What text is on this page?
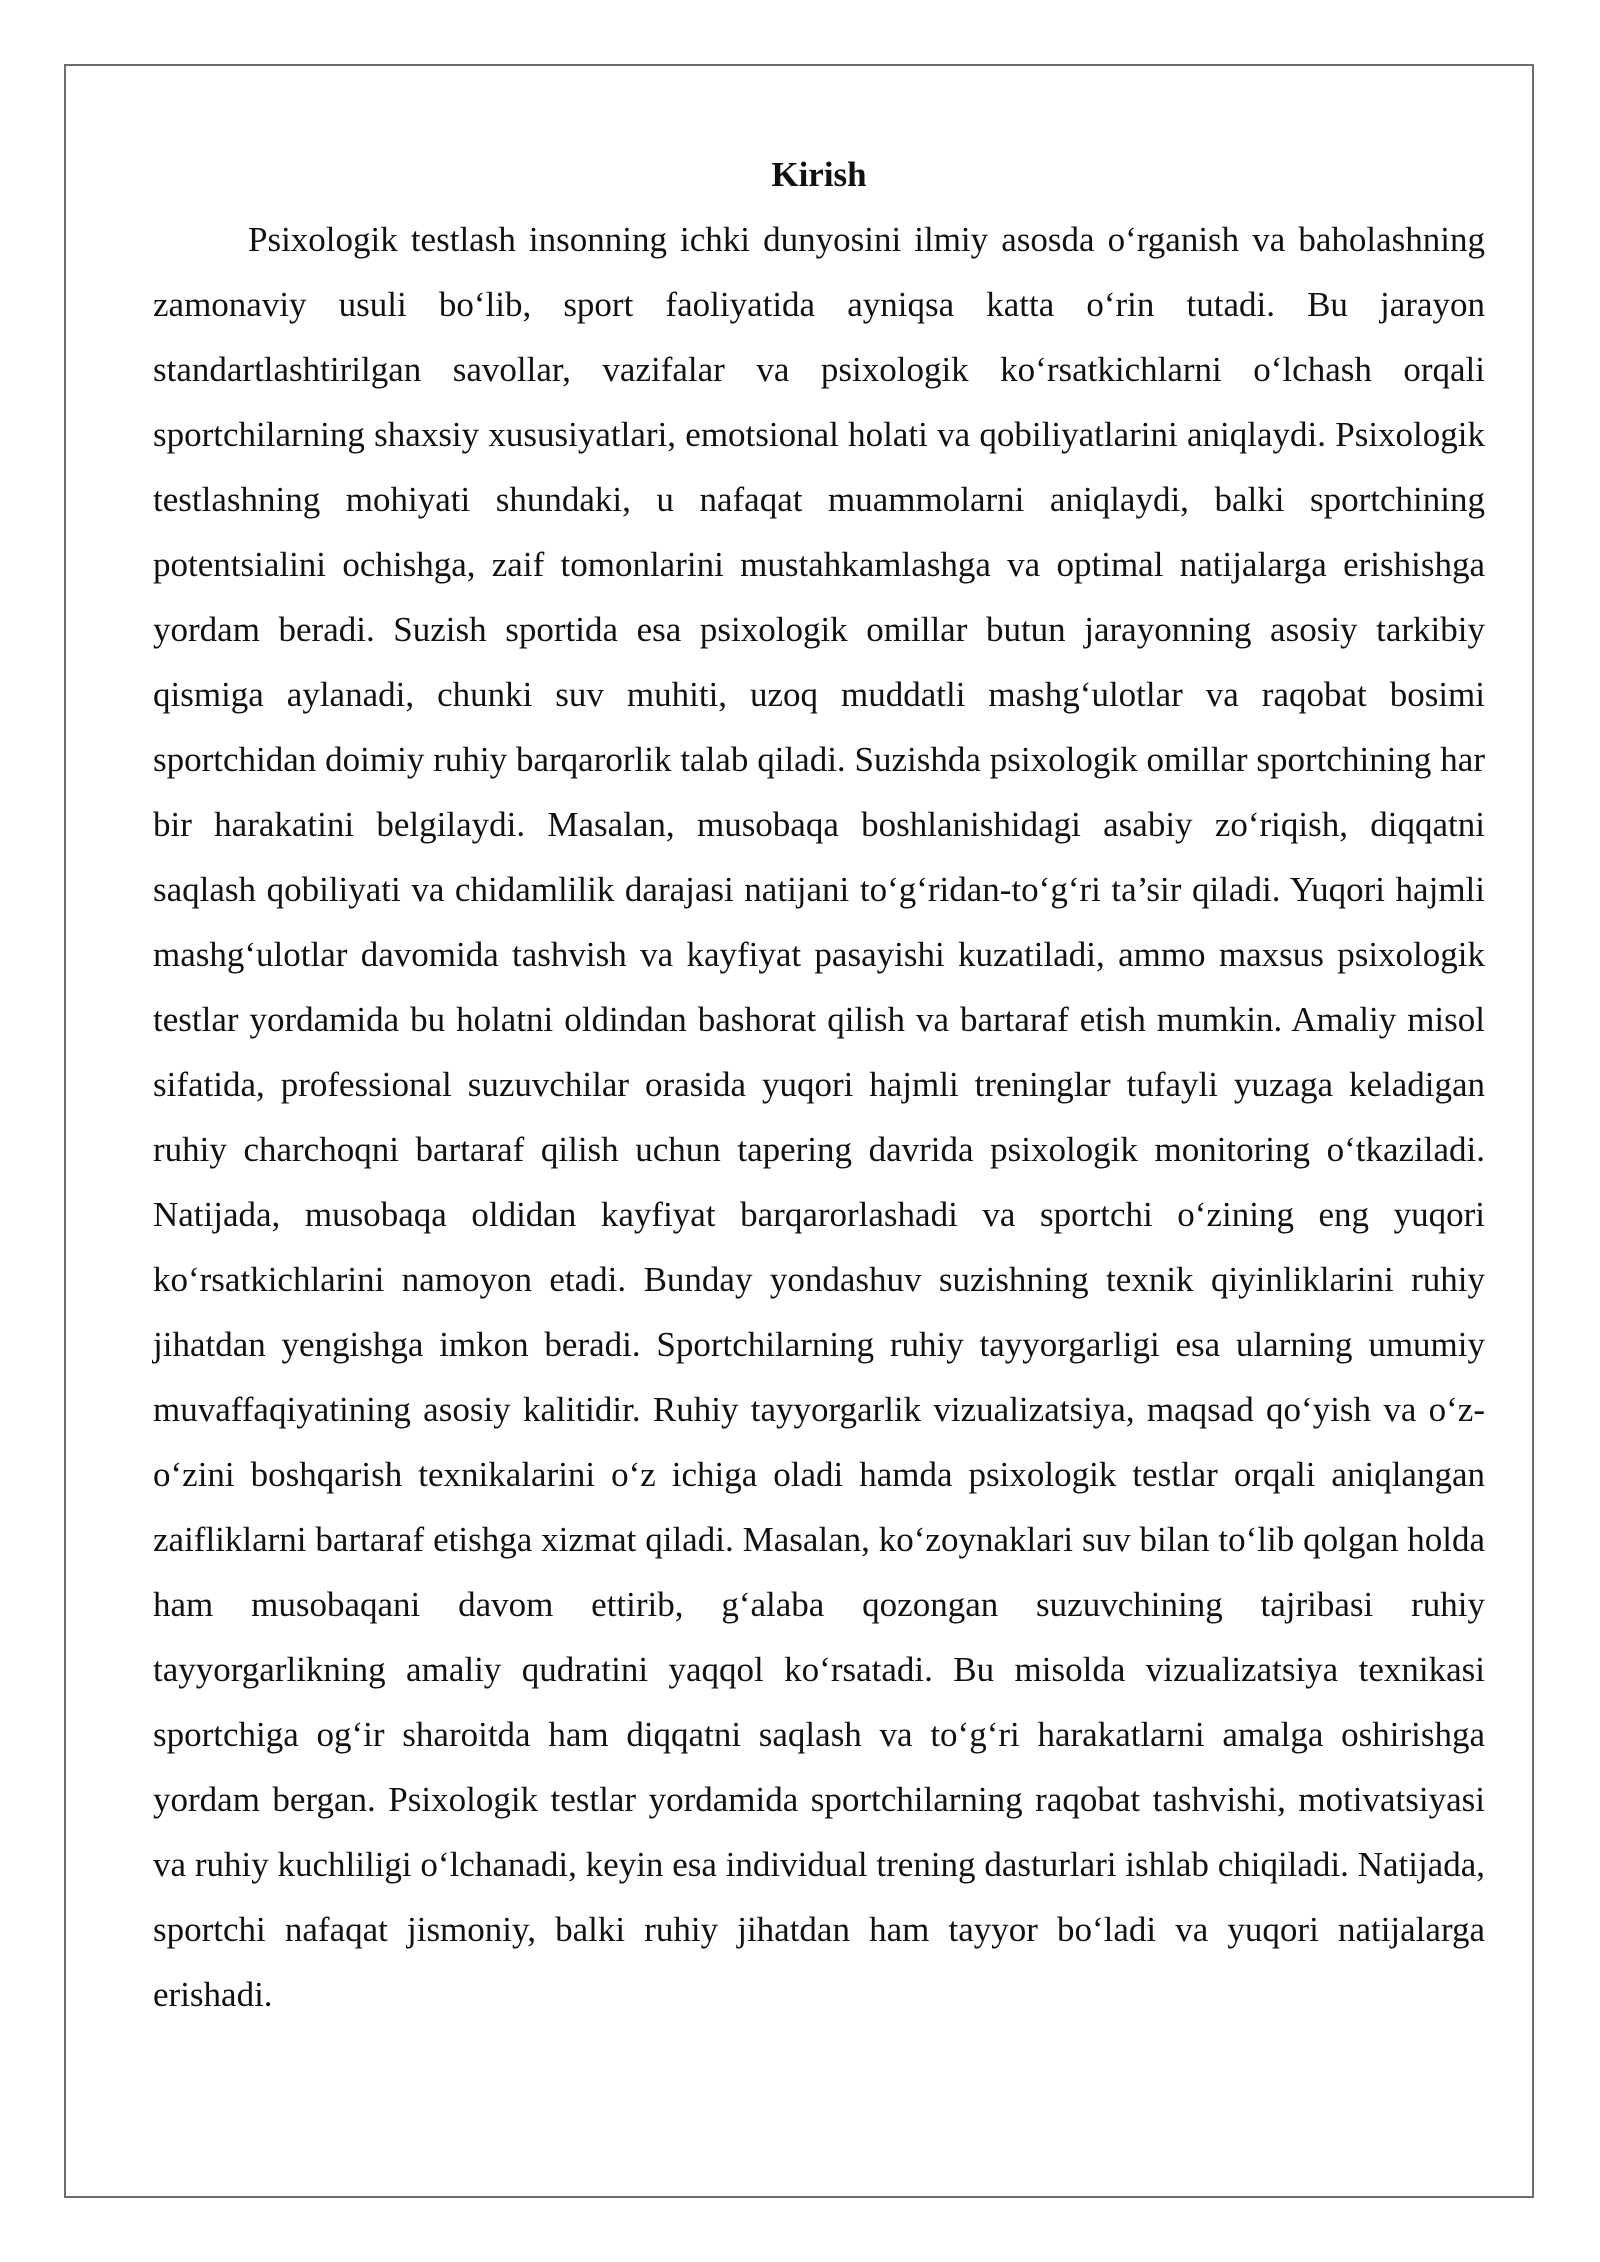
Kirish

Psixologik testlash insonning ichki dunyosini ilmiy asosda o‘rganish va baholashning zamonaviy usuli bo‘lib, sport faoliyatida ayniqsa katta o‘rin tutadi. Bu jarayon standartlashtirilgan savollar, vazifalar va psixologik ko‘rsatkichlarni o‘lchash orqali sportchilarning shaxsiy xususiyatlari, emotsional holati va qobiliyatlarini aniqlaydi. Psixologik testlashning mohiyati shundaki, u nafaqat muammolarni aniqlaydi, balki sportchining potentsialini ochishga, zaif tomonlarini mustahkamlashga va optimal natijalarga erishishga yordam beradi. Suzish sportida esa psixologik omillar butun jarayonning asosiy tarkibiy qismiga aylanadi, chunki suv muhiti, uzoq muddatli mashg‘ulotlar va raqobat bosimi sportchidan doimiy ruhiy barqarorlik talab qiladi. Suzishda psixologik omillar sportchining har bir harakatini belgilaydi. Masalan, musobaqa boshlanishidagi asabiy zo‘riqish, diqqatni saqlash qobiliyati va chidamlilik darajasi natijani to‘g‘ridan-to‘g‘ri ta’sir qiladi. Yuqori hajmli mashg‘ulotlar davomida tashvish va kayfiyat pasayishi kuzatiladi, ammo maxsus psixologik testlar yordamida bu holatni oldindan bashorat qilish va bartaraf etish mumkin. Amaliy misol sifatida, professional suzuvchilar orasida yuqori hajmli treninglar tufayli yuzaga keladigan ruhiy charchoqni bartaraf qilish uchun tapering davrida psixologik monitoring o‘tkaziladi. Natijada, musobaqa oldidan kayfiyat barqarorlashadi va sportchi o‘zining eng yuqori ko‘rsatkichlarini namoyon etadi. Bunday yondashuv suzishning texnik qiyinliklarini ruhiy jihatdan yengishga imkon beradi. Sportchilarning ruhiy tayyorgarligi esa ularning umumiy muvaffaqiyatining asosiy kalitidir. Ruhiy tayyorgarlik vizualizatsiya, maqsad qo‘yish va o‘z-o‘zini boshqarish texnikalarini o‘z ichiga oladi hamda psixologik testlar orqali aniqlangan zaifliklarni bartaraf etishga xizmat qiladi. Masalan, ko‘zoynaklari suv bilan to‘lib qolgan holda ham musobaqani davom ettirib, g‘alaba qozongan suzuvchining tajribasi ruhiy tayyorgarlikning amaliy qudratini yaqqol ko‘rsatadi. Bu misolda vizualizatsiya texnikasi sportchiga og‘ir sharoitda ham diqqatni saqlash va to‘g‘ri harakatlarni amalga oshirishga yordam bergan. Psixologik testlar yordamida sportchilarning raqobat tashvishi, motivatsiyasi va ruhiy kuchliligi o‘lchanadi, keyin esa individual trening dasturlari ishlab chiqiladi. Natijada, sportchi nafaqat jismoniy, balki ruhiy jihatdan ham tayyor bo‘ladi va yuqori natijalarga erishadi.
